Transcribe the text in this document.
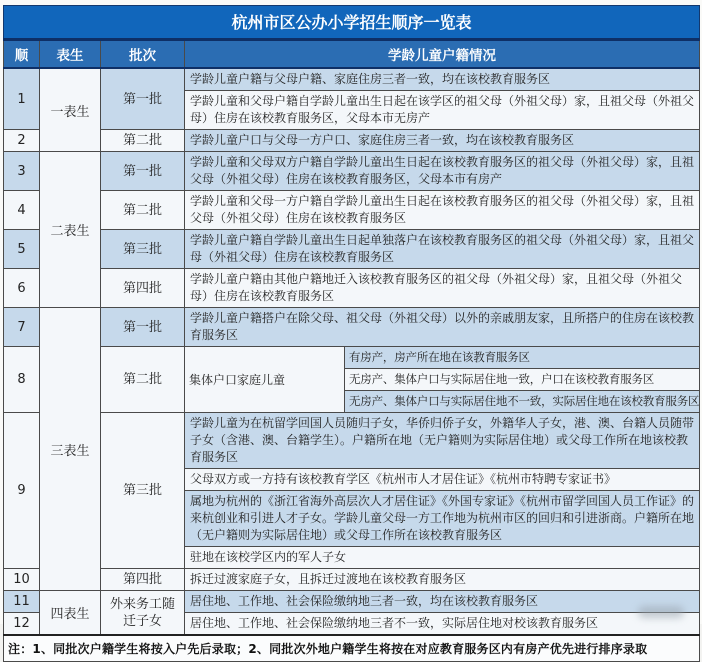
杭州市区公办小学招生顺序一览表				
顺	表生	批次	学龄儿童户籍情况	
1	一表生	第一批	学龄儿童户籍与父母户籍、家庭住房三者一致，均在该校教育服务区	
			学龄儿童和父母户籍自学龄儿童出生日起在该学区的祖父母（外祖父母）家，且祖父母（外祖父母）住房在该校教育服务区，父母本市无房产	
2		第二批	学龄儿童户口与父母一方户口、家庭住房三者一致，均在该校教育服务区	
3	二表生	第一批	学龄儿童和父母双方户籍自学龄儿童出生日起在该校教育服务区的祖父母（外祖父母）家，且祖父母（外祖父母）住房在该校教育服务区，父母本市有房产	
4		第二批	学龄儿童和父母一方户籍自学龄儿童出生日起在该校教育服务区的祖父母（外祖父母）家，且祖父母（外祖父母）住房在该校教育服务区	
5		第三批	学龄儿童户籍自学龄儿童出生日起单独落户在该校教育服务区的祖父母（外祖父母）家，且祖父母（外祖父母）住房在该校教育服务区	
6		第四批	学龄儿童户籍由其他户籍地迁入该校教育服务区的祖父母（外祖父母）家，且祖父母（外祖父母）住房在该校教育服务区	
7	三表生	第一批	学龄儿童户籍搭户在除父母、祖父母（外祖父母）以外的亲戚朋友家，且所搭户的住房在该校教育服务区	
8		第二批	集体户口家庭儿童	有房产，房产所在地在该教育服务区
				无房产、集体户口与实际居住地一致，户口在该校教育服务区
				无房产、集体户口与实际居住地不一致，实际居住地在该校教育服务区
9		第三批	学龄儿童为在杭留学回国人员随归子女，华侨归侨子女，外籍华人子女，港、澳、台籍人员随带子女（含港、澳、台籍学生）。户籍所在地（无户籍则为实际居住地）或父母工作所在地该校教育服务区	
			父母双方或一方持有该校教育学区《杭州市人才居住证》《杭州市特聘专家证书》	
			属地为杭州的《浙江省海外高层次人才居住证》《外国专家证》《杭州市留学回国人员工作证》的来杭创业和引进人才子女。学龄儿童父母一方工作地为杭州市区的回归和引进浙商。户籍所在地（无户籍则为实际居住地）或父母工作所在该校教育服务区	
			驻地在该校学区内的军人子女	
10		第四批	拆迁过渡家庭子女，且拆迁过渡地在该校教育服务区	
11	四表生	外来务工随迁子女	居住地、工作地、社会保险缴纳地三者一致，均在该校教育服务区	
12			居住地、工作地、社会保险缴纳地三者不一致，实际居住地对校该教育服务区	
注：1、同批次户籍学生将按入户先后录取；2、同批次外地户籍学生将按在对应教育服务区内有房产优先进行排序录取				
